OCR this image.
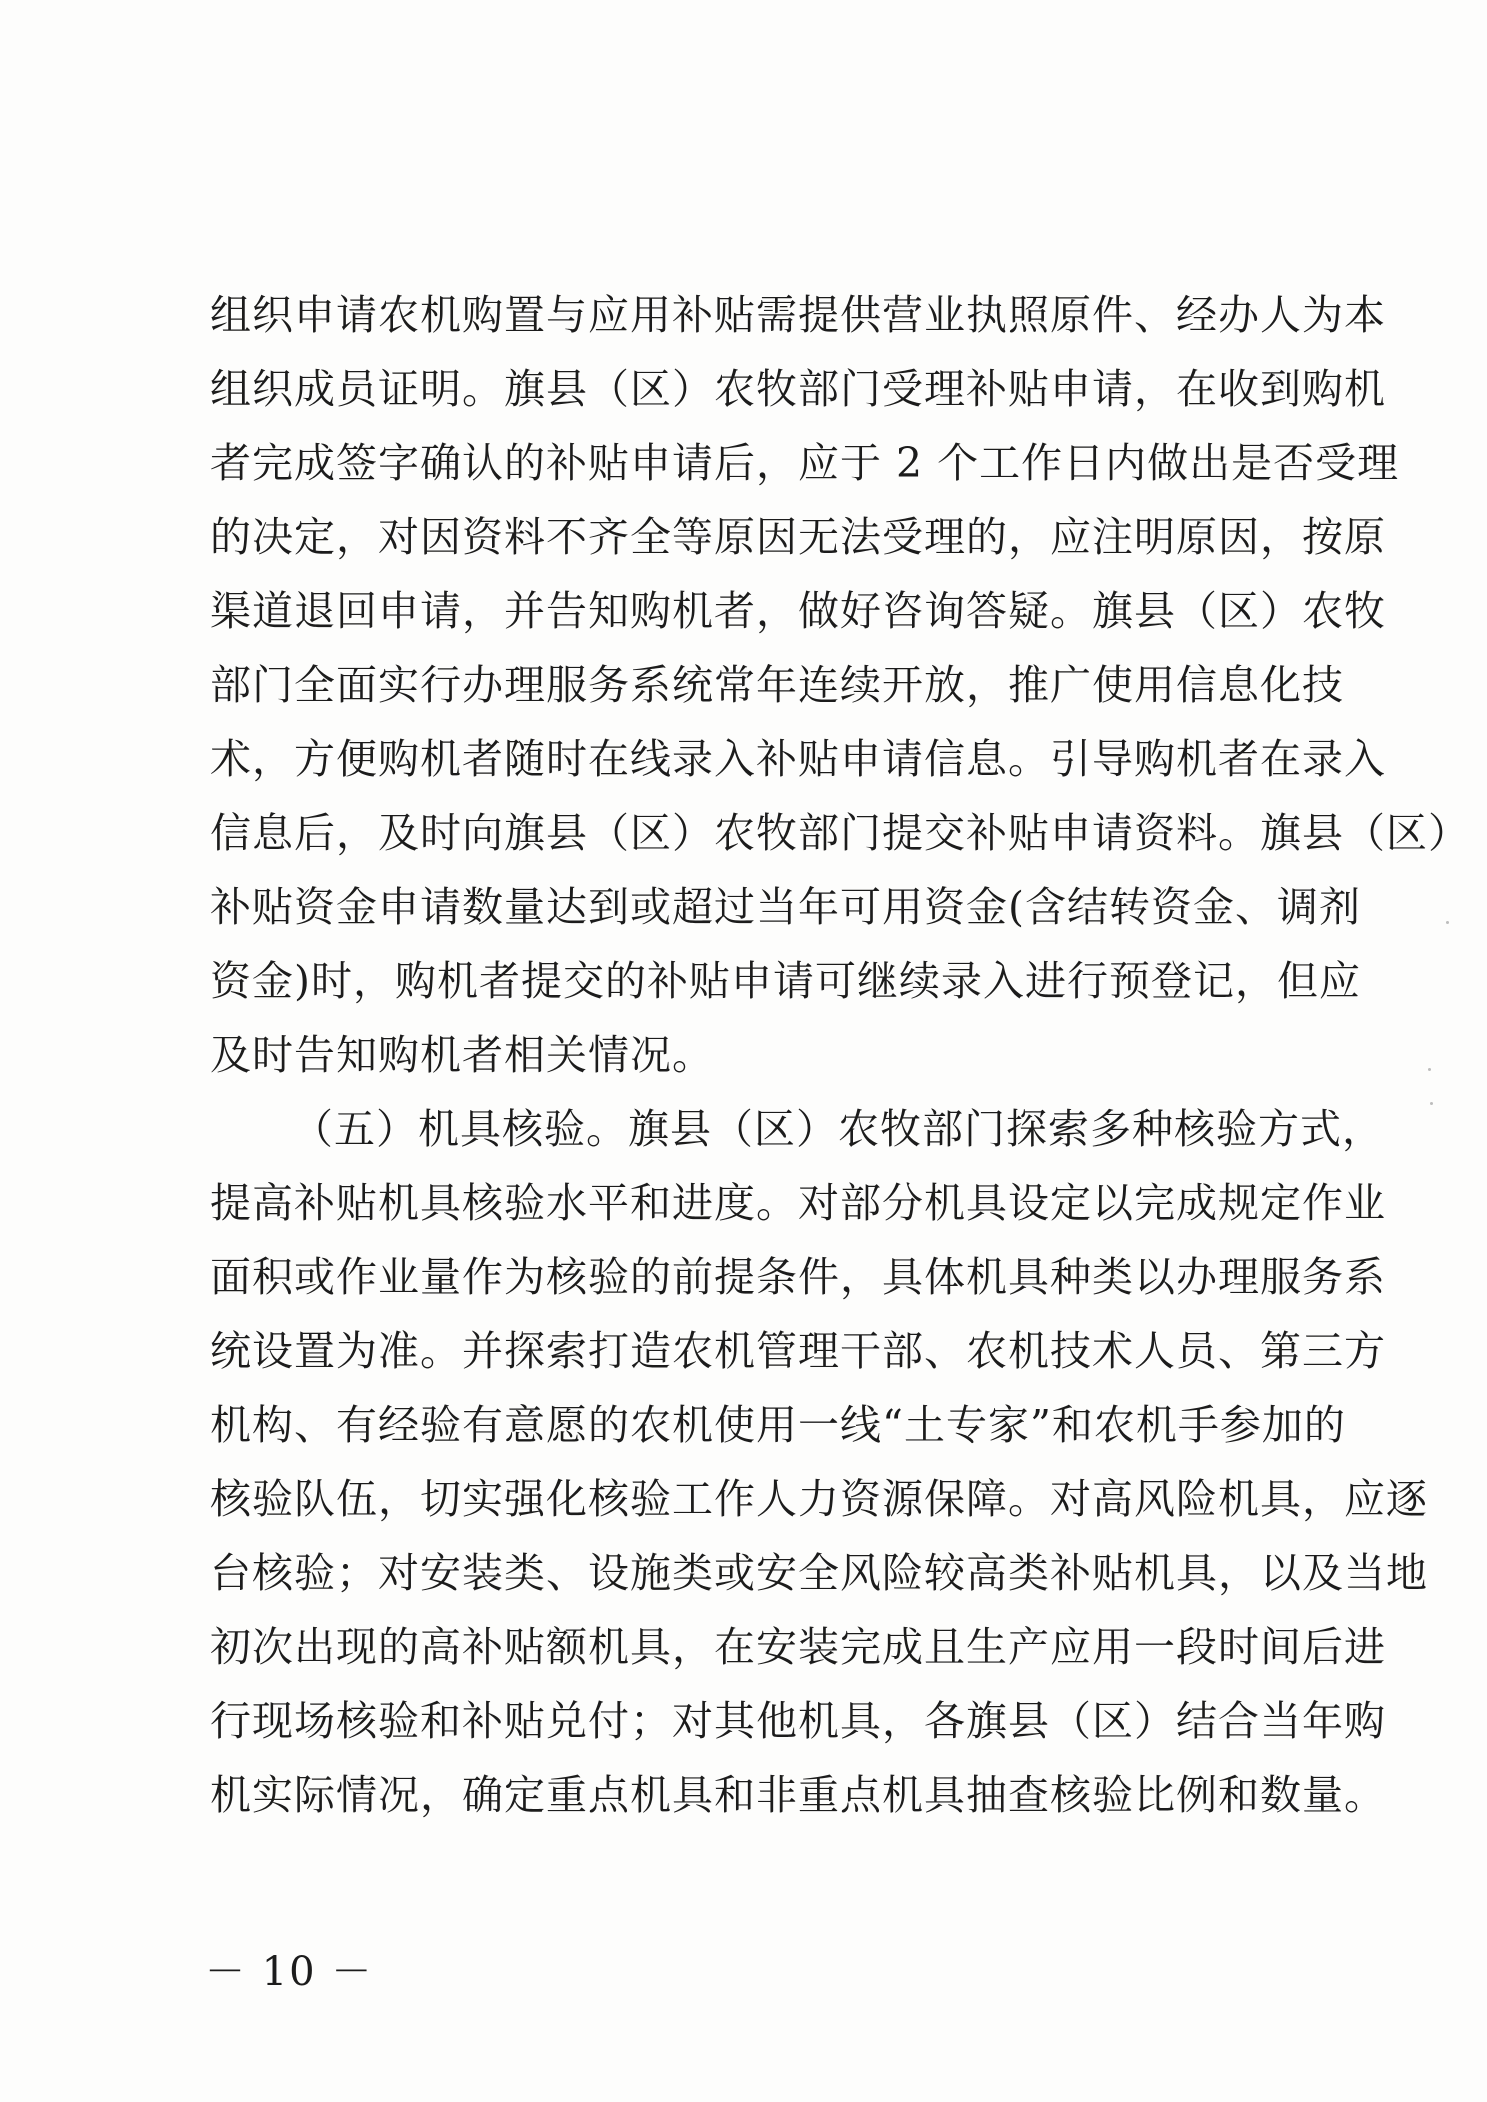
组织申请农机购置与应用补贴需提供营业执照原件、经办人为本
组织成员证明。旗县（区）农牧部门受理补贴申请，在收到购机
者完成签字确认的补贴申请后，应于 2 个工作日内做出是否受理
的决定，对因资料不齐全等原因无法受理的，应注明原因，按原
渠道退回申请，并告知购机者，做好咨询答疑。旗县（区）农牧
部门全面实行办理服务系统常年连续开放，推广使用信息化技
术，方便购机者随时在线录入补贴申请信息。引导购机者在录入
信息后，及时向旗县（区）农牧部门提交补贴申请资料。旗县（区）
补贴资金申请数量达到或超过当年可用资金(含结转资金、调剂
资金)时，购机者提交的补贴申请可继续录入进行预登记，但应
及时告知购机者相关情况。
（五）机具核验。旗县（区）农牧部门探索多种核验方式，
提高补贴机具核验水平和进度。对部分机具设定以完成规定作业
面积或作业量作为核验的前提条件，具体机具种类以办理服务系
统设置为准。并探索打造农机管理干部、农机技术人员、第三方
机构、有经验有意愿的农机使用一线“土专家”和农机手参加的
核验队伍，切实强化核验工作人力资源保障。对高风险机具，应逐
台核验；对安装类、设施类或安全风险较高类补贴机具，以及当地
初次出现的高补贴额机具，在安装完成且生产应用一段时间后进
行现场核验和补贴兑付；对其他机具，各旗县（区）结合当年购
机实际情况，确定重点机具和非重点机具抽查核验比例和数量。
－ 10 －
